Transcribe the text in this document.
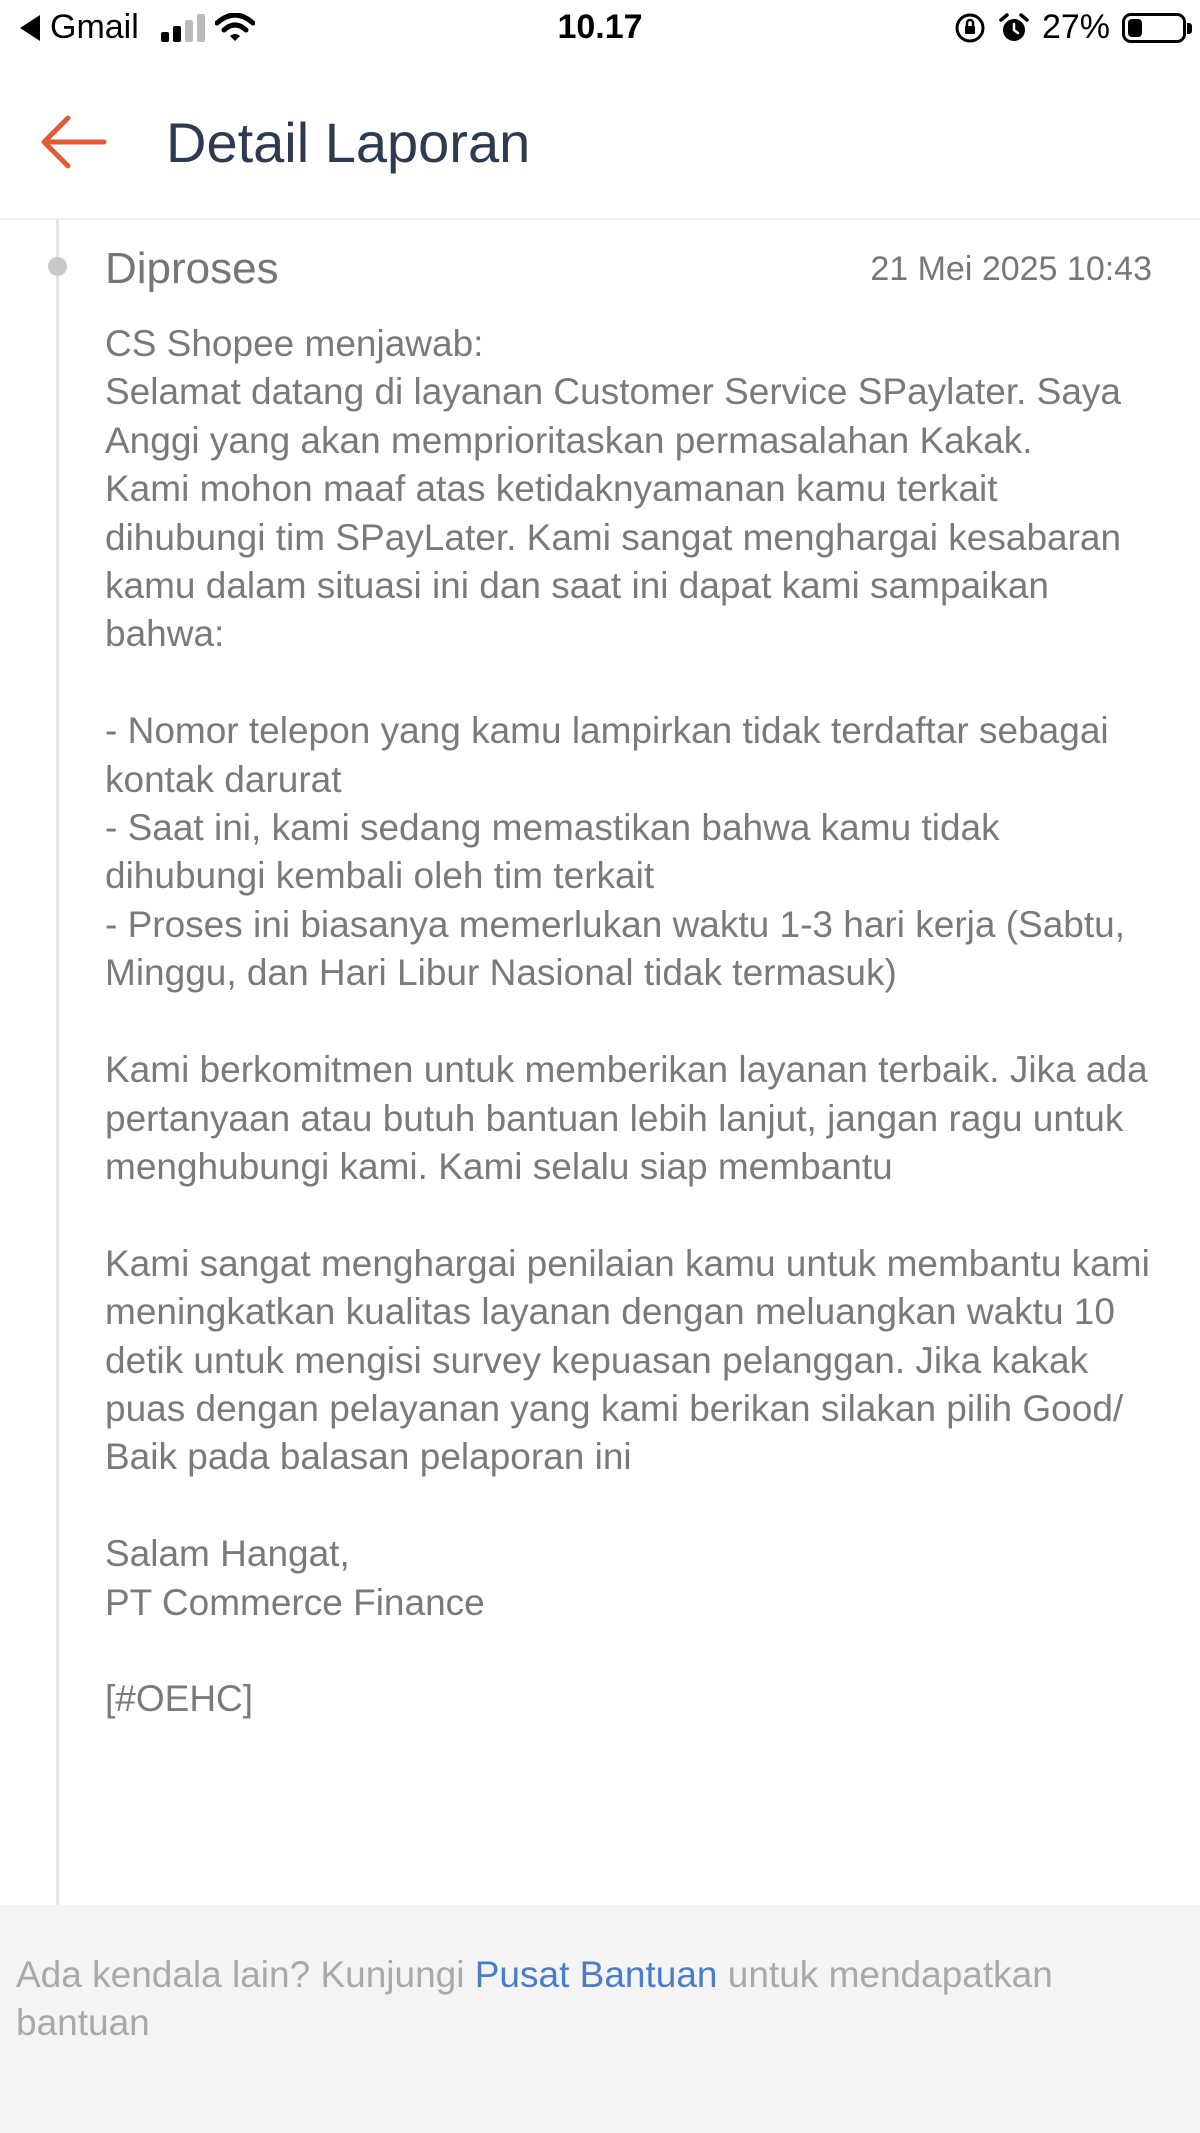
Gmail	10.17	27%
Detail Laporan
Diproses	21 Mei 2025 10:43
CS Shopee menjawab:
Selamat datang di layanan Customer Service SPaylater. Saya Anggi yang akan memprioritaskan permasalahan Kakak.
Kami mohon maaf atas ketidaknyamanan kamu terkait dihubungi tim SPayLater. Kami sangat menghargai kesabaran kamu dalam situasi ini dan saat ini dapat kami sampaikan bahwa:

- Nomor telepon yang kamu lampirkan tidak terdaftar sebagai kontak darurat
- Saat ini, kami sedang memastikan bahwa kamu tidak dihubungi kembali oleh tim terkait
- Proses ini biasanya memerlukan waktu 1-3 hari kerja (Sabtu, Minggu, dan Hari Libur Nasional tidak termasuk)

Kami berkomitmen untuk memberikan layanan terbaik. Jika ada pertanyaan atau butuh bantuan lebih lanjut, jangan ragu untuk menghubungi kami. Kami selalu siap membantu

Kami sangat menghargai penilaian kamu untuk membantu kami meningkatkan kualitas layanan dengan meluangkan waktu 10 detik untuk mengisi survey kepuasan pelanggan. Jika kakak puas dengan pelayanan yang kami berikan silakan pilih Good/ Baik pada balasan pelaporan ini

Salam Hangat,
PT Commerce Finance

[#OEHC]
Ada kendala lain? Kunjungi Pusat Bantuan untuk mendapatkan bantuan
